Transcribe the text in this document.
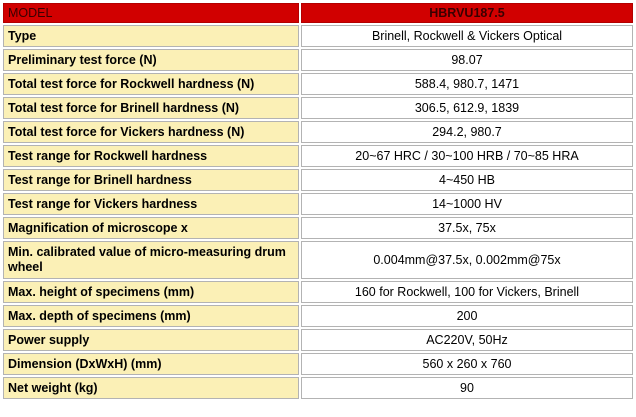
MODEL	HBRVU187.5
Type	Brinell, Rockwell & Vickers Optical
Preliminary test force (N)	98.07
Total test force for Rockwell hardness (N)	588.4, 980.7, 1471
Total test force for Brinell hardness (N)	306.5, 612.9, 1839
Total test force for Vickers hardness (N)	294.2, 980.7
Test range for Rockwell hardness	20~67 HRC / 30~100 HRB / 70~85 HRA
Test range for Brinell hardness	4~450 HB
Test range for Vickers hardness	14~1000 HV
Magnification of microscope x	37.5x, 75x
Min. calibrated value of micro-measuring drum wheel	0.004mm@37.5x, 0.002mm@75x
Max. height of specimens (mm)	160 for Rockwell, 100 for Vickers, Brinell
Max. depth of specimens (mm)	200
Power supply	AC220V, 50Hz
Dimension (DxWxH) (mm)	560 x 260 x 760
Net weight (kg)	90
